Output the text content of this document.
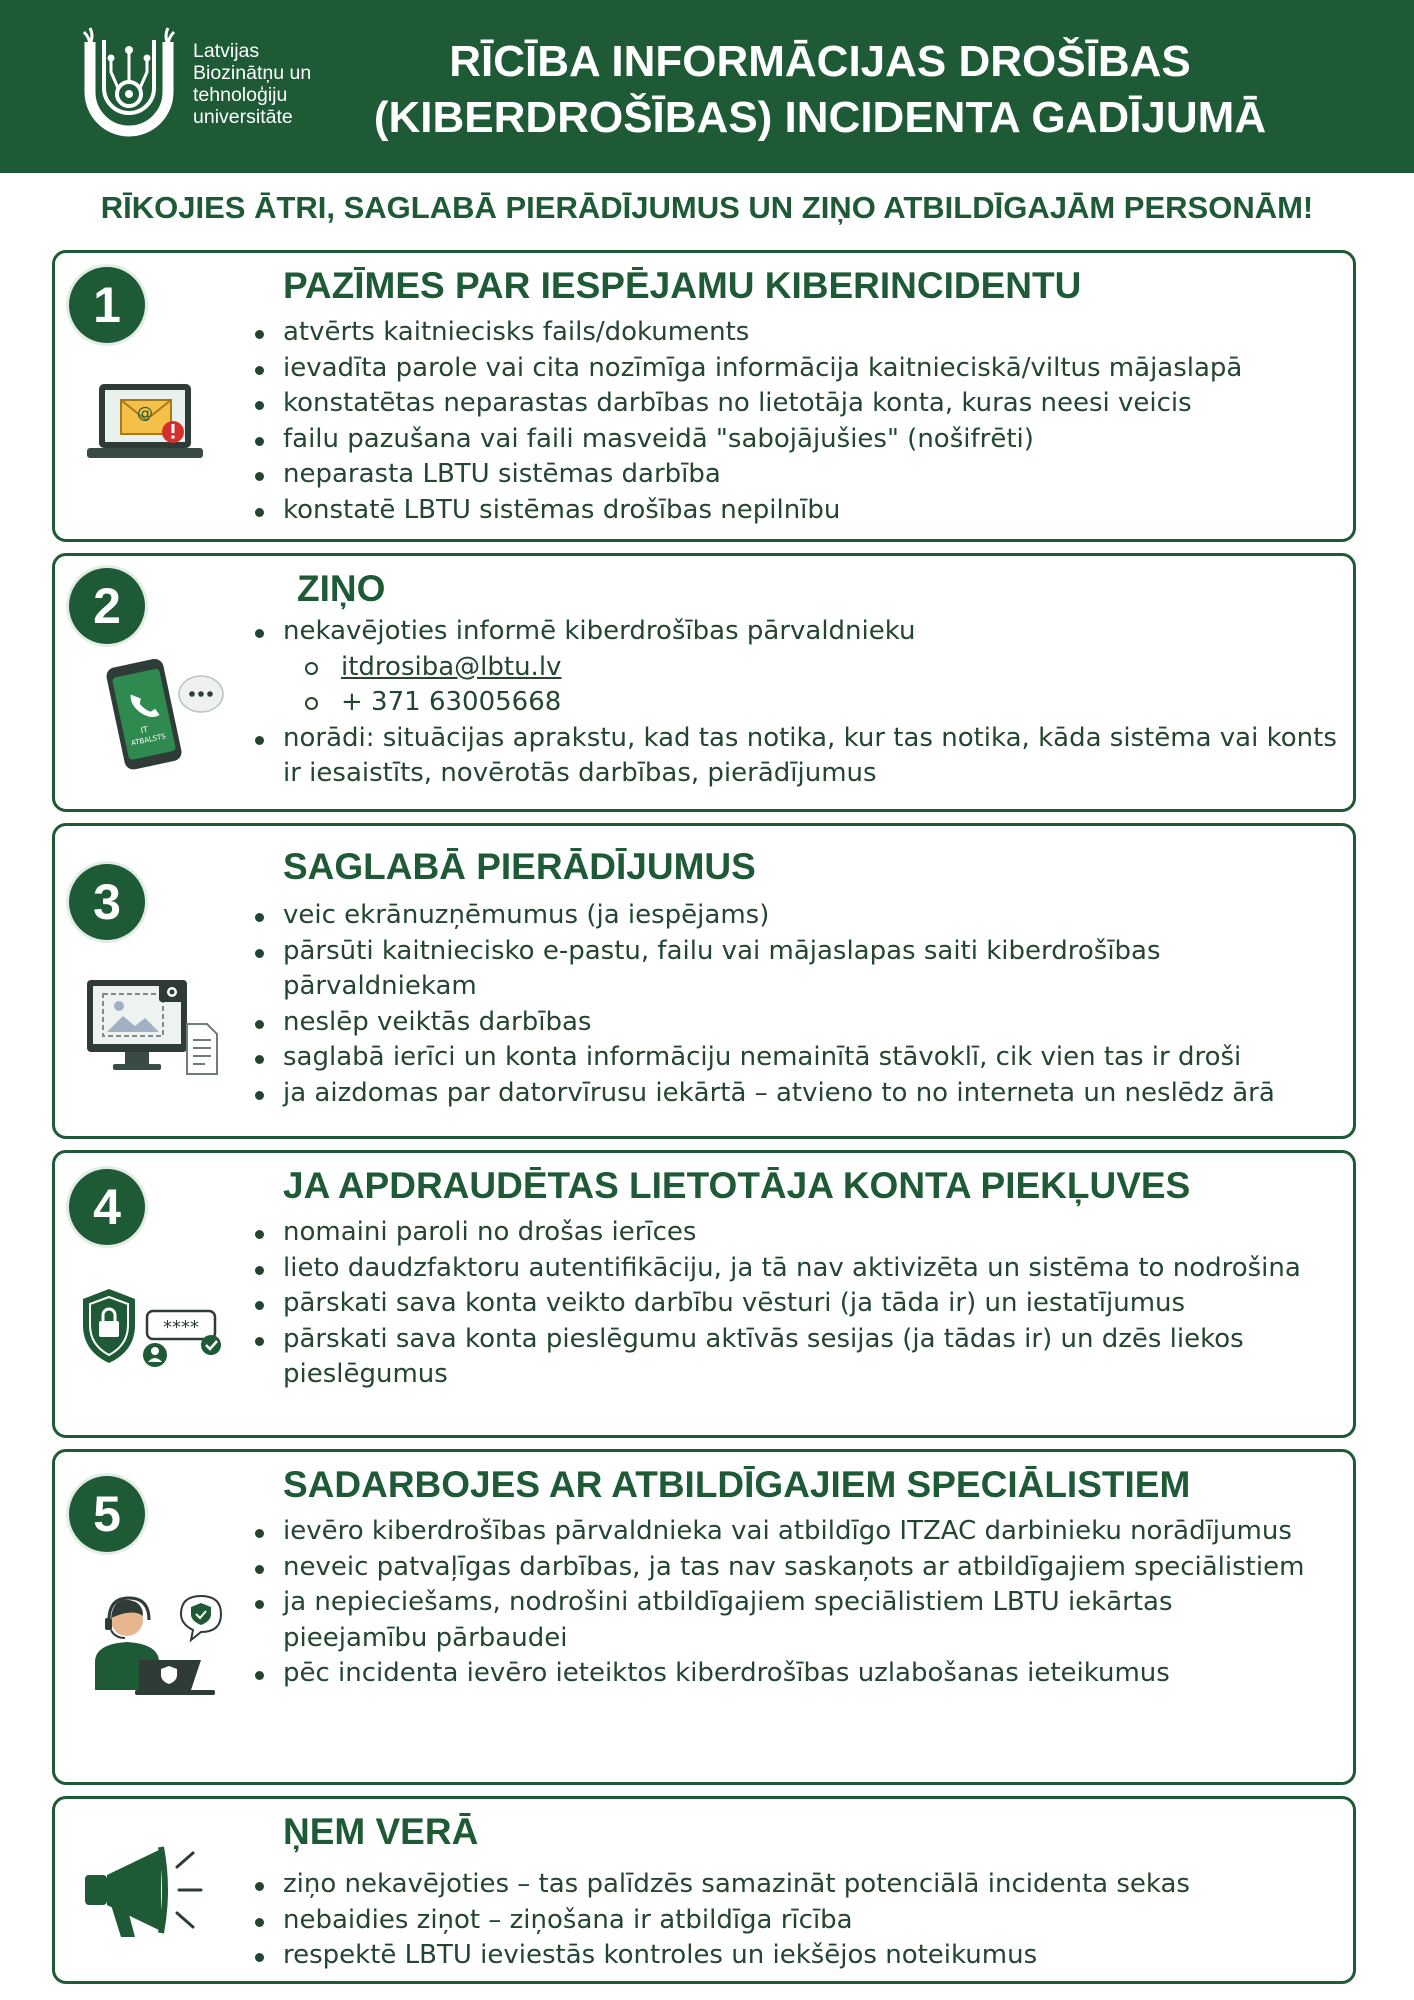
Latvijas
Biozinātņu un
tehnoloģiju
universitāte
RĪCĪBA INFORMĀCIJAS DROŠĪBAS
(KIBERDROŠĪBAS) INCIDENTA GADĪJUMĀ
RĪKOJIES ĀTRI, SAGLABĀ PIERĀDĪJUMUS UN ZIŅO ATBILDĪGAJĀM PERSONĀM!
1
@
PAZĪMES PAR IESPĒJAMU KIBERINCIDENTU
atvērts kaitniecisks fails/dokuments
ievadīta parole vai cita nozīmīga informācija kaitnieciskā/viltus mājaslapā
konstatētas neparastas darbības no lietotāja konta, kuras neesi veicis
failu pazušana vai faili masveidā "sabojājušies" (nošifrēti)
neparasta LBTU sistēmas darbība
konstatē LBTU sistēmas drošības nepilnību
2
IT
ATBALSTS
ZIŅO
nekavējoties informē kiberdrošības pārvaldnieku
itdrosiba@lbtu.lv
+ 371 63005668
norādi: situācijas aprakstu, kad tas notika, kur tas notika, kāda sistēma vai konts ir iesaistīts, novērotās darbības, pierādījumus
3
SAGLABĀ PIERĀDĪJUMUS
veic ekrānuzņēmumus (ja iespējams)
pārsūti kaitniecisko e-pastu, failu vai mājaslapas saiti kiberdrošības pārvaldniekam
neslēp veiktās darbības
saglabā ierīci un konta informāciju nemainītā stāvoklī, cik vien tas ir droši
ja aizdomas par datorvīrusu iekārtā – atvieno to no interneta un neslēdz ārā
4
****
JA APDRAUDĒTAS LIETOTĀJA KONTA PIEKĻUVES
nomaini paroli no drošas ierīces
lieto daudzfaktoru autentifikāciju, ja tā nav aktivizēta un sistēma to nodrošina
pārskati sava konta veikto darbību vēsturi (ja tāda ir) un iestatījumus
pārskati sava konta pieslēgumu aktīvās sesijas (ja tādas ir) un dzēs liekos pieslēgumus
5
SADARBOJES AR ATBILDĪGAJIEM SPECIĀLISTIEM
ievēro kiberdrošības pārvaldnieka vai atbildīgo ITZAC darbinieku norādījumus
neveic patvaļīgas darbības, ja tas nav saskaņots ar atbildīgajiem speciālistiem
ja nepieciešams, nodrošini atbildīgajiem speciālistiem LBTU iekārtas pieejamību pārbaudei
pēc incidenta ievēro ieteiktos kiberdrošības uzlabošanas ieteikumus
ŅEM VERĀ
ziņo nekavējoties – tas palīdzēs samazināt potenciālā incidenta sekas
nebaidies ziņot – ziņošana ir atbildīga rīcība
respektē LBTU ieviestās kontroles un iekšējos noteikumus
